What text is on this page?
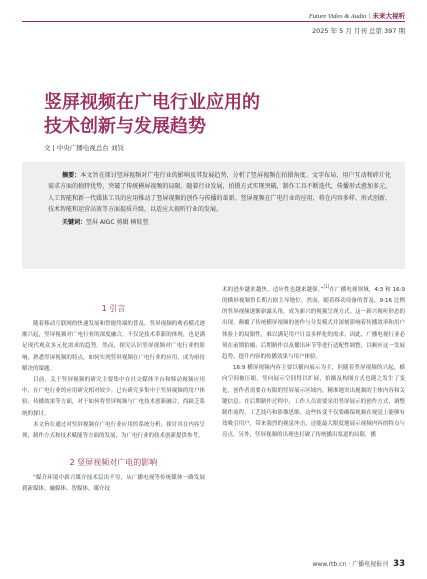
Future Video & Audio | 未来大视听
2025 年 5 月 月刊 总第 397 期
竖屏视频在广电行业应用的
技术创新与发展趋势
文 | 中央广播电视总台 刘钊

摘要：本文旨在探讨竖屏视频对广电行业的影响及其发展趋势，分析了竖屏视频在拍摄角度、文字布局、用户互动和碎片化需求方面的独特优势，突破了传统横屏视频的局限。随着行业发展，拍摄方式实现突破，制作工具不断迭代，传播形式愈加多元，人工智能和新一代媒体工具的应用推动了竖屏视频的创作与传播的革新。竖屏视频在广电行业的应用，将在内容多样、形式创新、技术智能和运营高效等方面提质升级，以适应大视听行业的发展。

关键词：竖屏 AIGC 剪辑 横转竖
1 引言

随着移动互联网的快速发展和智能终端的普及，竖屏视频的观看模式逐渐兴起，竖屏视频对广电行业的深度融合，不仅是技术革新的体现，也是满足现代观众多元化需求的趋势。然而，探究认识竖屏视频对广电行业的影响，熟悉竖屏视频的特点，如何实现竖屏视频在广电行业的应用，成为亟待解决的课题。

目前，关于竖屏视频的研究主要集中在社交媒体平台和移动视频应用中，在广电行业的应用研究相对较少。已有研究多集中于竖屏视频的用户体验、传播效果等方面，对于如何将竖屏视频与广电技术创新融合，尚缺乏系统的探讨。

本文旨在通过对竖屏视频在广电行业应用的系统分析，探讨其在内容呈现、制作方式和技术赋能等方面的发展，为广电行业的技术创新提供参考。

2 竖屏视频对广电的影响

“媒介环境中新兴媒介技术层出不穷，从广播电视等传统媒体一路发展到新媒体、融媒体、智媒体，媒介技

术的进步越来越快，适应性也越来越强。”[1]在广播电视领域，4:3 和 16:9 的横屏视频曾长期占据主导地位。然而，随着移动设备的普及，9:16 比例的竖屏视频逐渐崭露头角，成为新兴的视频呈现方式。这一新兴视听形态的出现，颠覆了传统横屏视频的创作与分发模式并深刻影响着传播效率和用户体验上的局限性，难以满足用户日益多样化的需求。因此，广播电视行业必须在前期拍摄、后期制作以及播出环节等进行适配性调整，以顺应这一发展趋势，提升内容的传播效果与用户体验。

16:9 横屏视频内容主要以横向展示为主，但随着竖屏视频的兴起，横向空间被压缩，竖向展示空间得以扩展，拍摄及构图方式也随之发生了变化。创作者需要在有限的竖屏展示区域内，精准地突出视频的主体内容和关键信息。在后期制作过程中，工作人员需要采用竖屏展示的创作方式，调整制作流程、工艺技巧和影像思维，这些转变不仅要确保视频在视觉上能够有效吸引用户，带来强烈的视觉冲击，还能最大限度地展示视频内容的特点与亮点。另外，竖屏视频的出现也打破了传统播出渠道的局限，播

www.rtb.cn · 广播电视报刊 33
